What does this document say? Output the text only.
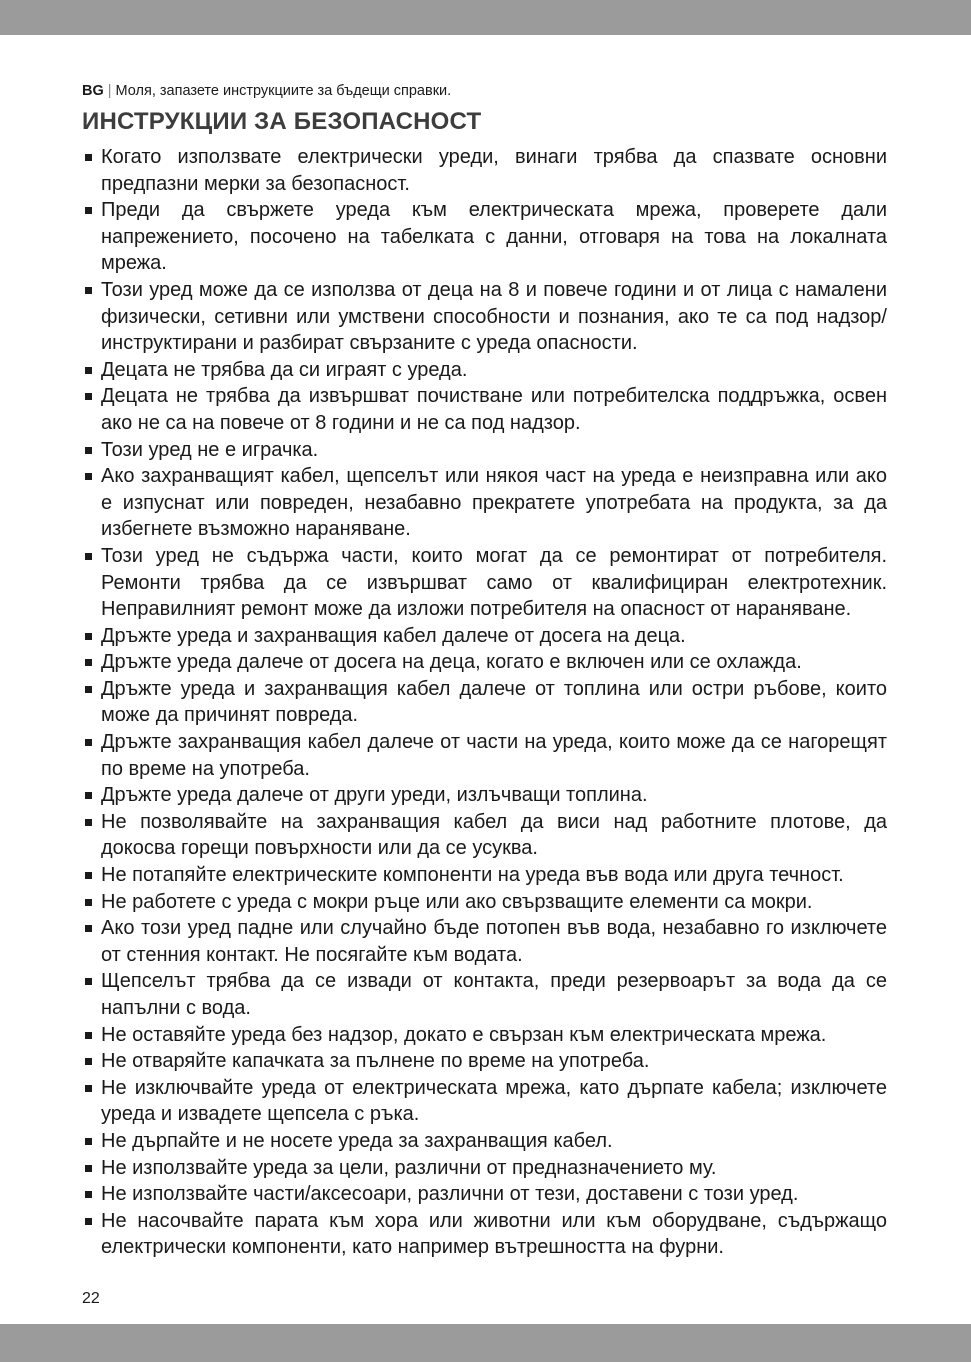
BG | Моля, запазете инструкциите за бъдещи справки.
ИНСТРУКЦИИ ЗА БЕЗОПАСНОСТ
Когато използвате електрически уреди, винаги трябва да спазвате основни предпазни мерки за безопасност.
Преди да свържете уреда към електрическата мрежа, проверете дали напрежението, посочено на табелката с данни, отговаря на това на локалната мрежа.
Този уред може да се използва от деца на 8 и повече години и от лица с намалени физически, сетивни или умствени способности и познания, ако те са под надзор/инструктирани и разбират свързаните с уреда опасности.
Децата не трябва да си играят с уреда.
Децата не трябва да извършват почистване или потребителска поддръжка, освен ако не са на повече от 8 години и не са под надзор.
Този уред не е играчка.
Ако захранващият кабел, щепселът или някоя част на уреда е неизправна или ако е изпуснат или повреден, незабавно прекратете употребата на продукта, за да избегнете възможно нараняване.
Този уред не съдържа части, които могат да се ремонтират от потребителя. Ремонти трябва да се извършват само от квалифициран електротехник. Неправилният ремонт може да изложи потребителя на опасност от нараняване.
Дръжте уреда и захранващия кабел далече от досега на деца.
Дръжте уреда далече от досега на деца, когато е включен или се охлажда.
Дръжте уреда и захранващия кабел далече от топлина или остри ръбове, които може да причинят повреда.
Дръжте захранващия кабел далече от части на уреда, които може да се нагорещят по време на употреба.
Дръжте уреда далече от други уреди, излъчващи топлина.
Не позволявайте на захранващия кабел да виси над работните плотове, да докосва горещи повърхности или да се усуква.
Не потапяйте електрическите компоненти на уреда във вода или друга течност.
Не работете с уреда с мокри ръце или ако свързващите елементи са мокри.
Ако този уред падне или случайно бъде потопен във вода, незабавно го изключете от стенния контакт. Не посягайте към водата.
Щепселът трябва да се извади от контакта, преди резервоарът за вода да се напълни с вода.
Не оставяйте уреда без надзор, докато е свързан към електрическата мрежа.
Не отваряйте капачката за пълнене по време на употреба.
Не изключвайте уреда от електрическата мрежа, като дърпате кабела; изключете уреда и извадете щепсела с ръка.
Не дърпайте и не носете уреда за захранващия кабел.
Не използвайте уреда за цели, различни от предназначението му.
Не използвайте части/аксесоари, различни от тези, доставени с този уред.
Не насочвайте парата към хора или животни или към оборудване, съдържащо електрически компоненти, като например вътрешността на фурни.
22
